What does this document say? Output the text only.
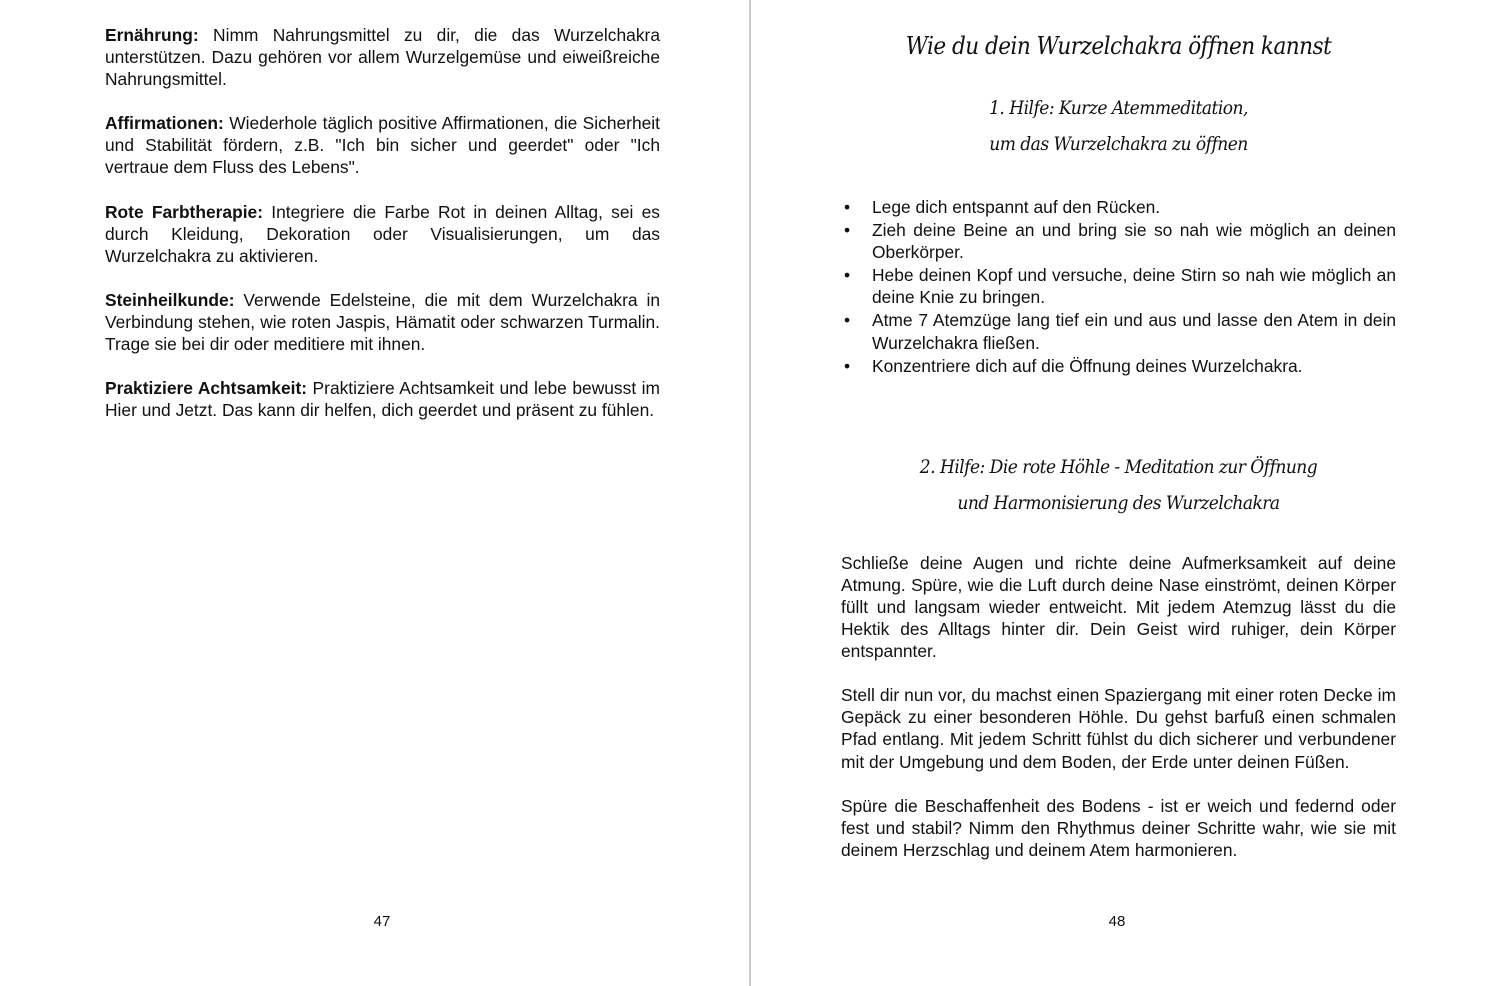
Ernährung: Nimm Nahrungsmittel zu dir, die das Wurzelchakra unterstützen. Dazu gehören vor allem Wurzelgemüse und eiweißreiche Nahrungsmittel.

Affirmationen: Wiederhole täglich positive Affirmationen, die Sicherheit und Stabilität fördern, z.B. "Ich bin sicher und geerdet" oder "Ich vertraue dem Fluss des Lebens".

Rote Farbtherapie: Integriere die Farbe Rot in deinen Alltag, sei es durch Kleidung, Dekoration oder Visualisierungen, um das Wurzelchakra zu aktivieren.

Steinheilkunde: Verwende Edelsteine, die mit dem Wurzelchakra in Verbindung stehen, wie roten Jaspis, Hämatit oder schwarzen Turmalin. Trage sie bei dir oder meditiere mit ihnen.

Praktiziere Achtsamkeit: Praktiziere Achtsamkeit und lebe bewusst im Hier und Jetzt. Das kann dir helfen, dich geerdet und präsent zu fühlen.

47
Wie du dein Wurzelchakra öffnen kannst
1. Hilfe: Kurze Atemmeditation,
um das Wurzelchakra zu öffnen
• Lege dich entspannt auf den Rücken.
• Zieh deine Beine an und bring sie so nah wie möglich an deinen Oberkörper.
• Hebe deinen Kopf und versuche, deine Stirn so nah wie möglich an deine Knie zu bringen.
• Atme 7 Atemzüge lang tief ein und aus und lasse den Atem in dein Wurzelchakra fließen.
• Konzentriere dich auf die Öffnung deines Wurzelchakra.
2. Hilfe: Die rote Höhle - Meditation zur Öffnung
und Harmonisierung des Wurzelchakra

Schließe deine Augen und richte deine Aufmerksamkeit auf deine Atmung. Spüre, wie die Luft durch deine Nase einströmt, deinen Körper füllt und langsam wieder entweicht. Mit jedem Atemzug lässt du die Hektik des Alltags hinter dir. Dein Geist wird ruhiger, dein Körper entspannter.

Stell dir nun vor, du machst einen Spaziergang mit einer roten Decke im Gepäck zu einer besonderen Höhle. Du gehst barfuß einen schmalen Pfad entlang. Mit jedem Schritt fühlst du dich sicherer und verbundener mit der Umgebung und dem Boden, der Erde unter deinen Füßen.

Spüre die Beschaffenheit des Bodens - ist er weich und federnd oder fest und stabil? Nimm den Rhythmus deiner Schritte wahr, wie sie mit deinem Herzschlag und deinem Atem harmonieren.

48
